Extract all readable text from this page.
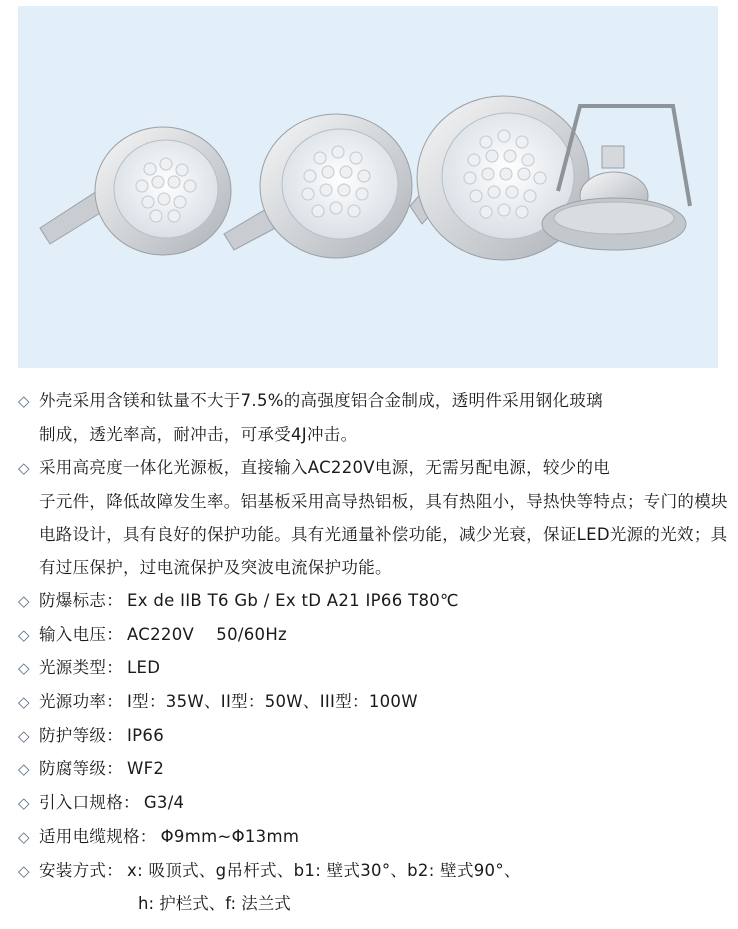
◇ 外壳采用含镁和钛量不大于7.5%的高强度铝合金制成，透明件采用钢化玻璃
制成，透光率高，耐冲击，可承受4J冲击。
◇ 采用高亮度一体化光源板，直接输入AC220V电源，无需另配电源，较少的电
子元件，降低故障发生率。铝基板采用高导热铝板，具有热阻小，导热快等特点；专门的模块电路设计，具有良好的保护功能。具有光通量补偿功能，减少光衰，保证LED光源的光效；具有过压保护，过电流保护及突波电流保护功能。
◇ 防爆标志： Ex de IIB T6 Gb / Ex tD A21 IP66 T80℃
◇ 输入电压： AC220V    50/60Hz
◇ 光源类型： LED
◇ 光源功率： I型：35W、II型：50W、III型：100W
◇ 防护等级： IP66
◇ 防腐等级： WF2
◇ 引入口规格： G3/4
◇ 适用电缆规格： Φ9mm~Φ13mm
◇ 安装方式： x: 吸顶式、g吊杆式、b1: 壁式30°、b2: 壁式90°、
h: 护栏式、f: 法兰式
